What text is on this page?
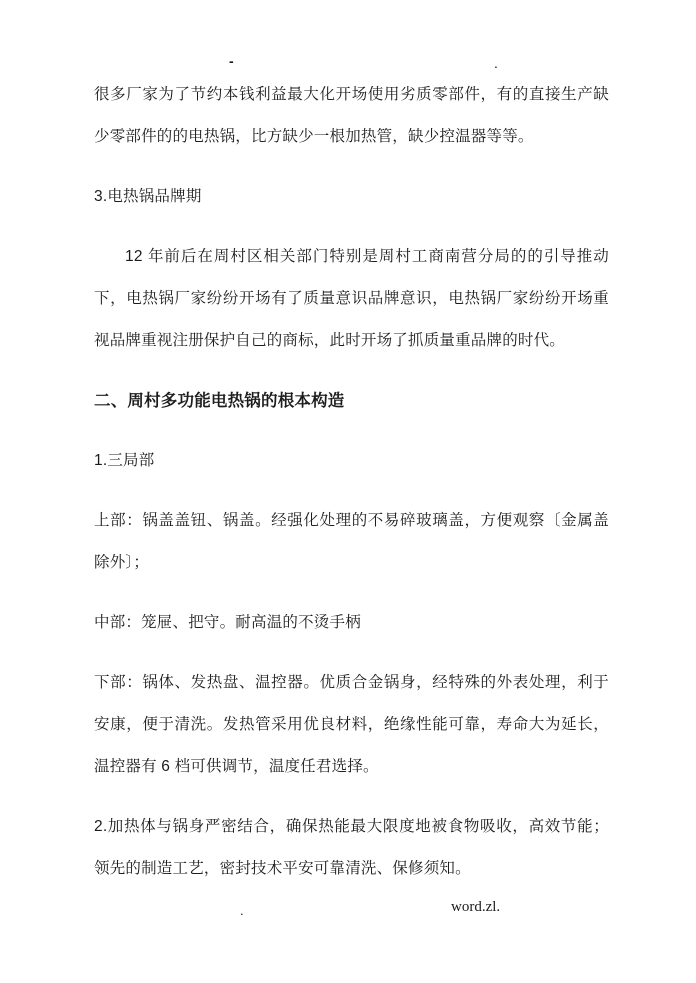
-	.
很多厂家为了节约本钱利益最大化开场使用劣质零部件，有的直接生产缺少零部件的的电热锅，比方缺少一根加热管，缺少控温器等等。
3.电热锅品牌期
12 年前后在周村区相关部门特别是周村工商南营分局的的引导推动下，电热锅厂家纷纷开场有了质量意识品牌意识，电热锅厂家纷纷开场重视品牌重视注册保护自己的商标，此时开场了抓质量重品牌的时代。
二、周村多功能电热锅的根本构造
1.三局部
上部：锅盖盖钮、锅盖。经强化处理的不易碎玻璃盖，方便观察〔金属盖除外〕；
中部：笼屉、把守。耐高温的不烫手柄
下部：锅体、发热盘、温控器。优质合金锅身，经特殊的外表处理，利于安康，便于清洗。发热管采用优良材料，绝缘性能可靠，寿命大为延长，温控器有 6 档可供调节，温度任君选择。
2.加热体与锅身严密结合，确保热能最大限度地被食物吸收，高效节能；领先的制造工艺，密封技术平安可靠清洗、保修须知。
.	word.zl.
